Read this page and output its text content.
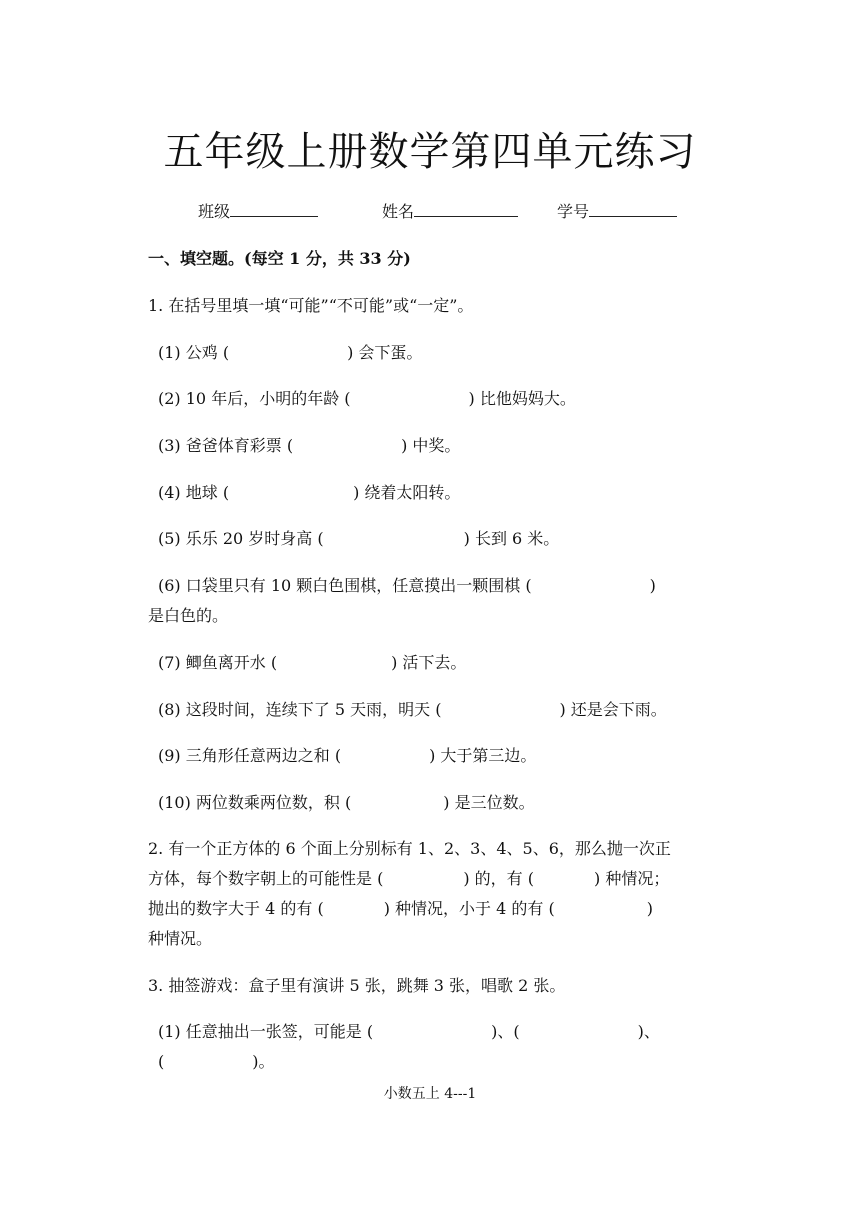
五年级上册数学第四单元练习
班级	姓名	学号
一、填空题。(每空 1 分，共 33 分)
1. 在括号里填一填“可能”“不可能”或“一定”。
(1) 公鸡 (	) 会下蛋。
(2) 10 年后，小明的年龄 (	) 比他妈妈大。
(3) 爸爸体育彩票 (	) 中奖。
(4) 地球 (	) 绕着太阳转。
(5) 乐乐 20 岁时身高 (	) 长到 6 米。
(6) 口袋里只有 10 颗白色围棋，任意摸出一颗围棋 (	)
是白色的。
(7) 鲫鱼离开水 (	) 活下去。
(8) 这段时间，连续下了 5 天雨，明天 (	) 还是会下雨。
(9) 三角形任意两边之和 (	) 大于第三边。
(10) 两位数乘两位数，积 (	) 是三位数。
2. 有一个正方体的 6 个面上分别标有 1、2、3、4、5、6，那么抛一次正
方体，每个数字朝上的可能性是 (	) 的，有 (	) 种情况；
抛出的数字大于 4 的有 (	) 种情况，小于 4 的有 (	)
种情况。
3. 抽签游戏：盒子里有演讲 5 张，跳舞 3 张，唱歌 2 张。
(1) 任意抽出一张签，可能是 (	)、(	)、
(	)。
小数五上 4---1
